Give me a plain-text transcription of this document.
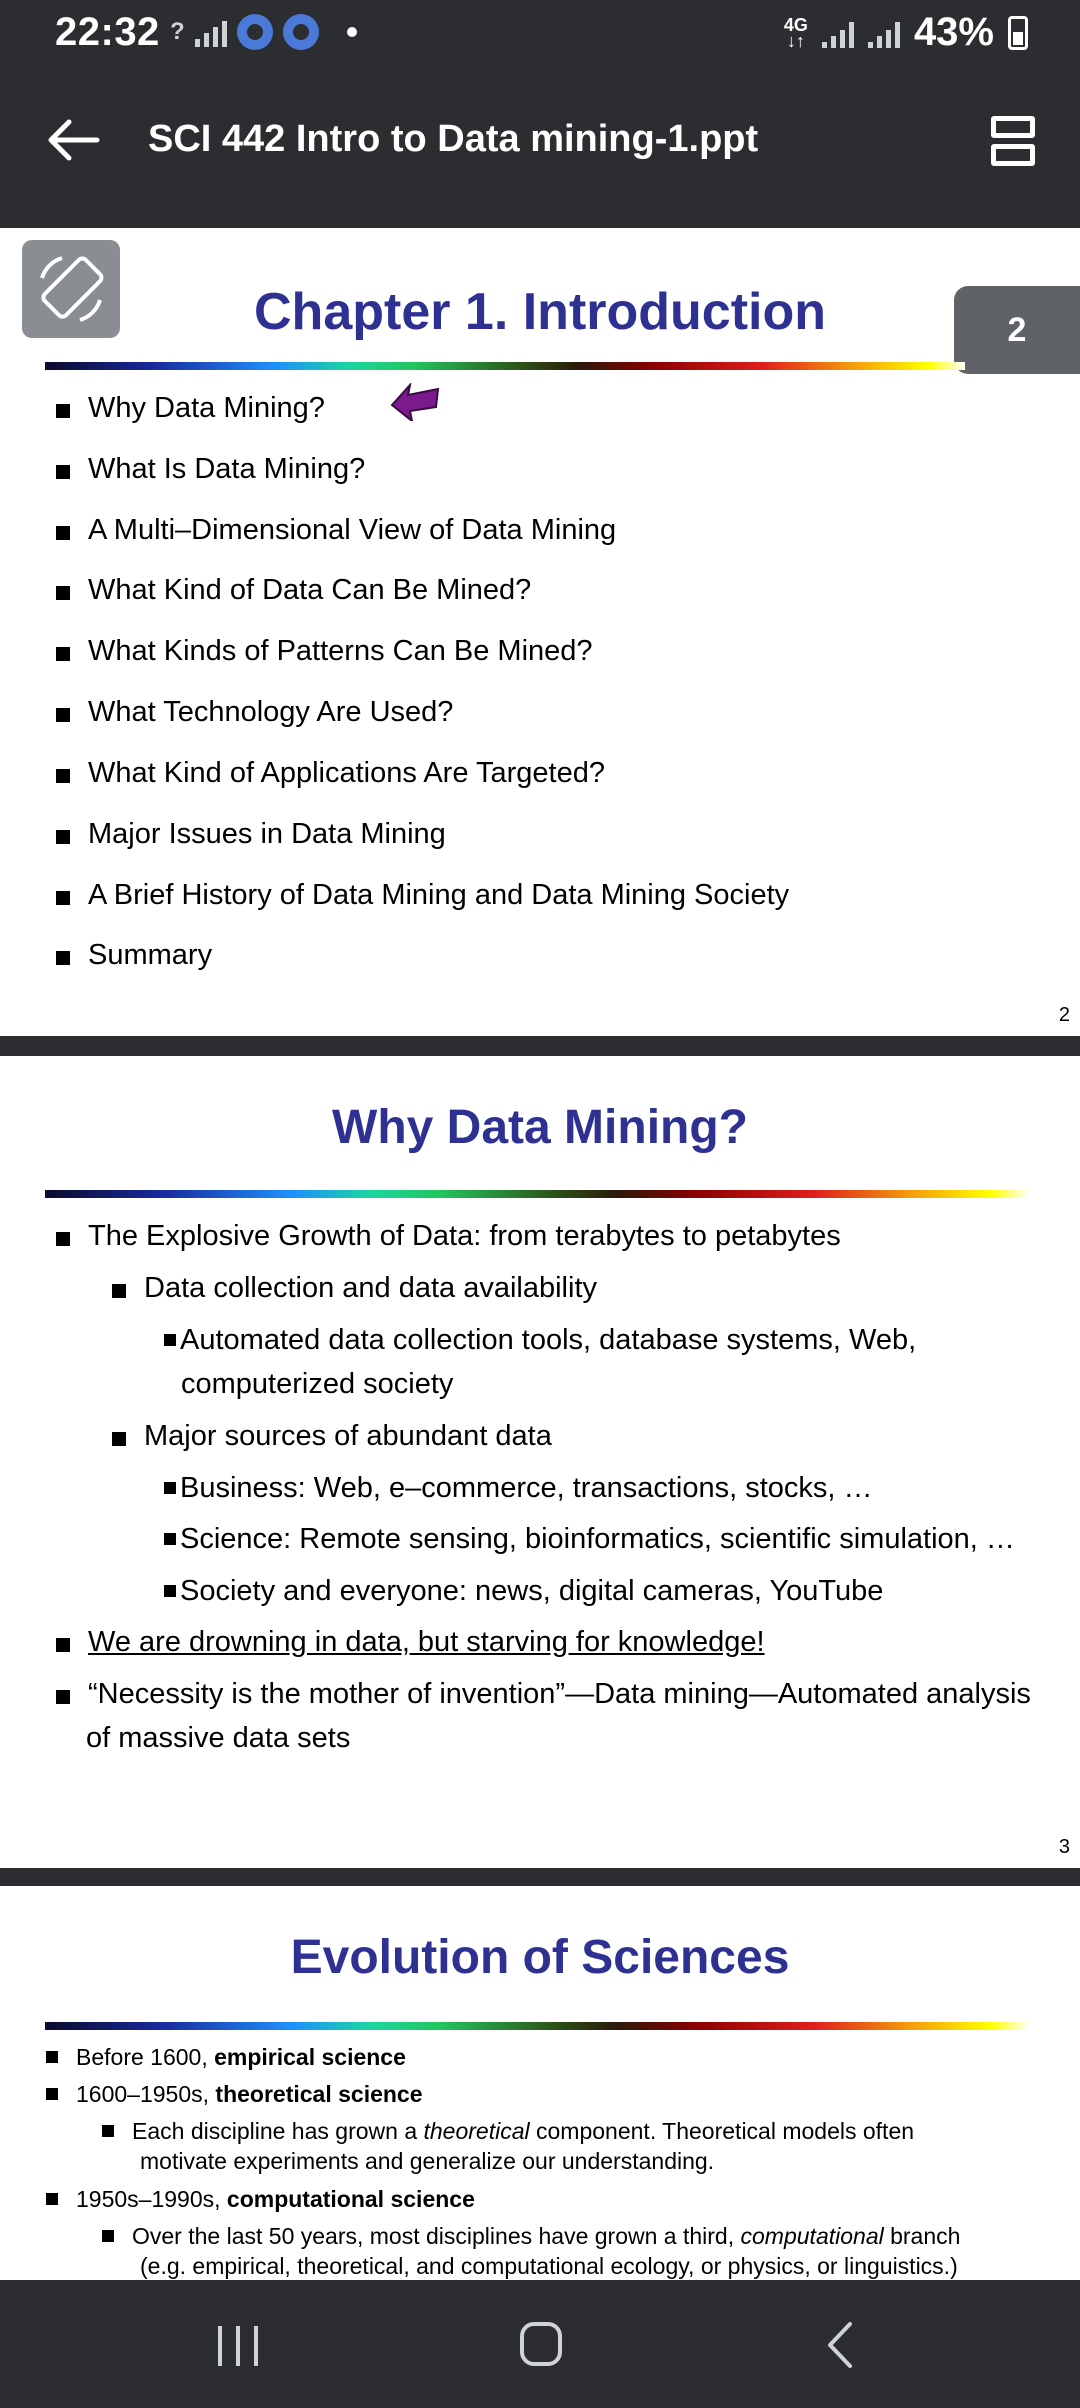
22:32 ?	4G
↓↑	43%
SCI 442 Intro to Data mining-1.ppt
2
Chapter 1. Introduction
Why Data Mining?
What Is Data Mining?
A Multi–Dimensional View of Data Mining
What Kind of Data Can Be Mined?
What Kinds of Patterns Can Be Mined?
What Technology Are Used?
What Kind of Applications Are Targeted?
Major Issues in Data Mining
A Brief History of Data Mining and Data Mining Society
Summary
2
Why Data Mining?
The Explosive Growth of Data: from terabytes to petabytes
Data collection and data availability
Automated data collection tools, database systems, Web,
computerized society
Major sources of abundant data
Business: Web, e–commerce, transactions, stocks, …
Science: Remote sensing, bioinformatics, scientific simulation, …
Society and everyone: news, digital cameras, YouTube
We are drowning in data, but starving for knowledge!
“Necessity is the mother of invention”—Data mining—Automated analysis
of massive data sets
3
Evolution of Sciences
Before 1600, empirical science
1600–1950s, theoretical science
Each discipline has grown a theoretical component. Theoretical models often
motivate experiments and generalize our understanding.
1950s–1990s, computational science
Over the last 50 years, most disciplines have grown a third, computational branch
(e.g. empirical, theoretical, and computational ecology, or physics, or linguistics.)
